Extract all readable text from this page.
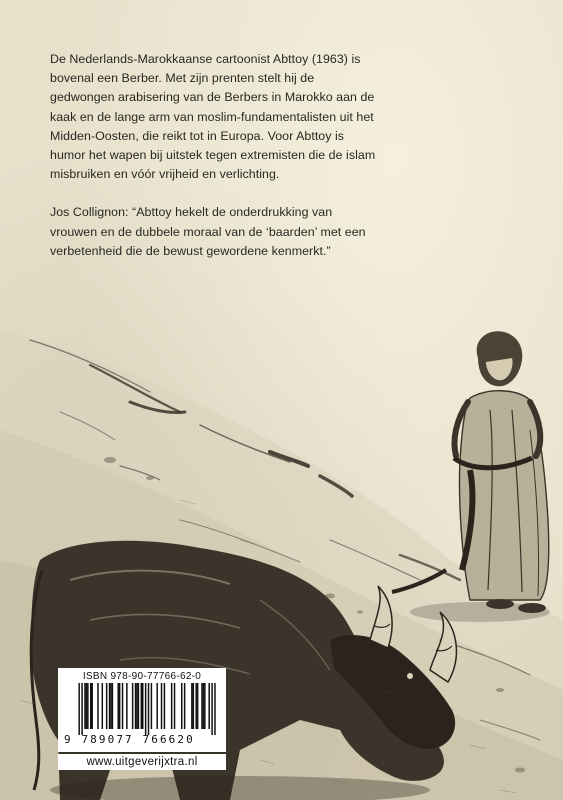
De Nederlands-Marokkaanse cartoonist Abttoy (1963) is bovenal een Berber. Met zijn prenten stelt hij de gedwongen arabisering van de Berbers in Marokko aan de kaak en de lange arm van moslim-fundamentalisten uit het Midden-Oosten, die reikt tot in Europa. Voor Abttoy is humor het wapen bij uitstek tegen extremisten die de islam misbruiken en vóór vrijheid en verlichting.

Jos Collignon: “Abttoy hekelt de onderdrukking van vrouwen en de dubbele moraal van de ‘baarden’ met een verbetenheid die de bewust gewordene kenmerkt.”

ISBN 978-90-77766-62-0
9 789077 766620
www.uitgeverijxtra.nl
